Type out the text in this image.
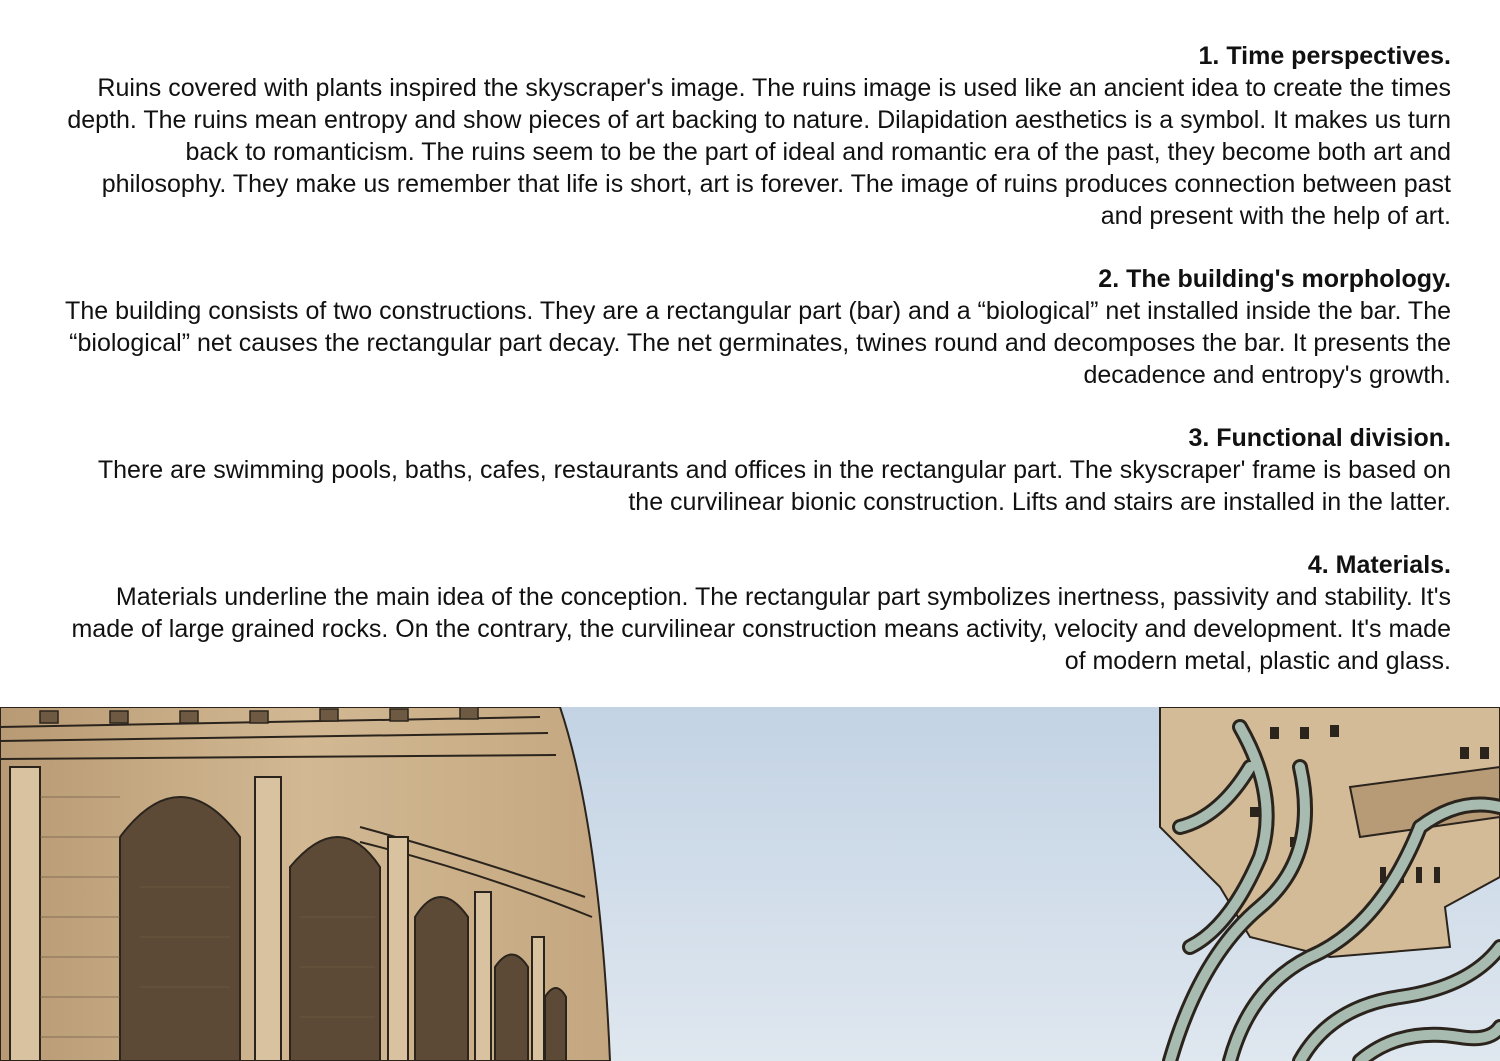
1. Time perspectives.

Ruins covered with plants inspired the skyscraper's image. The ruins image is used like an ancient idea to create the times depth. The ruins mean entropy and show pieces of art backing to nature. Dilapidation aesthetics is a symbol. It makes us turn back to romanticism. The ruins seem to be the part of ideal and romantic era of the past, they become both art and philosophy. They make us remember that life is short, art is forever. The image of ruins produces connection between past and present with the help of art.

2. The building's morphology.

The building consists of two constructions. They are a rectangular part (bar) and a “biological” net installed inside the bar. The “biological” net causes the rectangular part decay. The net germinates, twines round and decomposes the bar. It presents the decadence and entropy's growth.

3. Functional division.

There are swimming pools, baths, cafes, restaurants and offices in the rectangular part. The skyscraper' frame is based on the curvilinear bionic construction. Lifts and stairs are installed in the latter.

4. Materials.

Materials underline the main idea of the conception. The rectangular part symbolizes inertness, passivity and stability. It's made of large grained rocks. On the contrary, the curvilinear construction means activity, velocity and development. It's made of modern metal, plastic and glass.
